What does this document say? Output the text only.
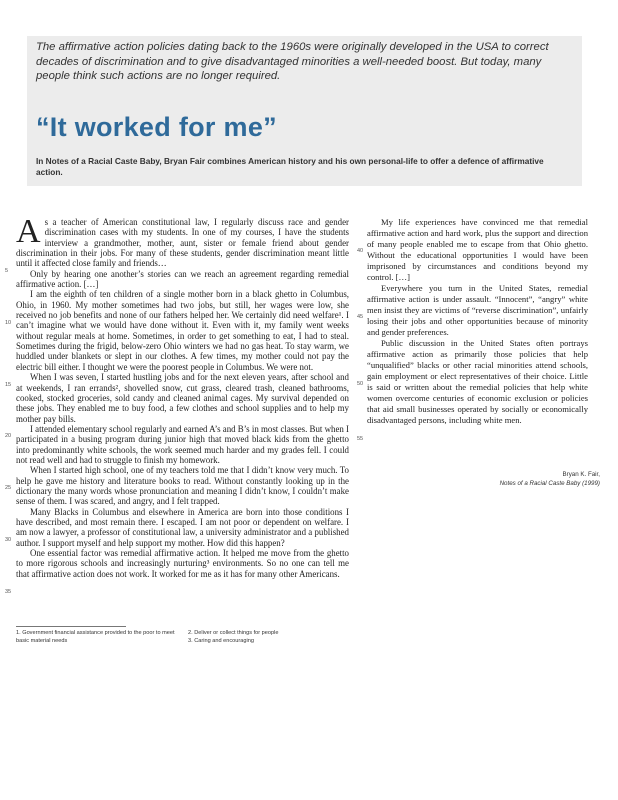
The affirmative action policies dating back to the 1960s were originally developed in the USA to correct decades of discrimination and to give disadvantaged minorities a well-needed boost. But today, many people think such actions are no longer required.

“It worked for me”

In Notes of a Racial Caste Baby, Bryan Fair combines American history and his own personal-life to offer a defence of affirmative action.

5
10
15
20
25
30
35
40
45
50
55

As a teacher of American constitutional law, I regularly discuss race and gender discrimination cases with my students. In one of my courses, I have the students interview a grandmother, mother, aunt, sister or female friend about gender discrimination in their jobs. For many of these students, gender discrimination meant little until it affected close family and friends…

Only by hearing one another’s stories can we reach an agreement regarding remedial affirmative action. […]

I am the eighth of ten children of a single mother born in a black ghetto in Columbus, Ohio, in 1960. My mother sometimes had two jobs, but still, her wages were low, she received no job benefits and none of our fathers helped her. We certainly did need welfare¹. I can’t imagine what we would have done without it. Even with it, my family went weeks without regular meals at home. Sometimes, in order to get something to eat, I had to steal. Sometimes during the frigid, below-zero Ohio winters we had no gas heat. To stay warm, we huddled under blankets or slept in our clothes. A few times, my mother could not pay the electric bill either. I thought we were the poorest people in Columbus. We were not.

When I was seven, I started hustling jobs and for the next eleven years, after school and at weekends, I ran errands², shovelled snow, cut grass, cleared trash, cleaned bathrooms, cooked, stocked groceries, sold candy and cleaned animal cages. My survival depended on these jobs. They enabled me to buy food, a few clothes and school supplies and to help my mother pay bills.

I attended elementary school regularly and earned A’s and B’s in most classes. But when I participated in a busing program during junior high that moved black kids from the ghetto into predominantly white schools, the work seemed much harder and my grades fell. I could not read well and had to struggle to finish my homework.

When I started high school, one of my teachers told me that I didn’t know very much. To help he gave me history and literature books to read. Without constantly looking up in the dictionary the many words whose pronunciation and meaning I didn’t know, I couldn’t make sense of them. I was scared, and angry, and I felt trapped.

Many Blacks in Columbus and elsewhere in America are born into those conditions I have described, and most remain there. I escaped. I am not poor or dependent on welfare. I am now a lawyer, a professor of constitutional law, a university administrator and a published author. I support myself and help support my mother. How did this happen?

One essential factor was remedial affirmative action. It helped me move from the ghetto to more rigorous schools and increasingly nurturing³ environments. So no one can tell me that affirmative action does not work. It worked for me as it has for many other Americans.

My life experiences have convinced me that remedial affirmative action and hard work, plus the support and direction of many people enabled me to escape from that Ohio ghetto. Without the educational opportunities I would have been imprisoned by circumstances and conditions beyond my control. […]

Everywhere you turn in the United States, remedial affirmative action is under assault. “Innocent”, “angry” white men insist they are victims of “reverse discrimination”, unfairly losing their jobs and other opportunities because of minority and gender preferences.

Public discussion in the United States often portrays affirmative action as primarily those policies that help “unqualified” blacks or other racial minorities attend schools, gain employment or elect representatives of their choice. Little is said or written about the remedial policies that help white women overcome centuries of economic exclusion or policies that aid small businesses operated by socially or economically disadvantaged persons, including white men.

Bryan K. Fair,
Notes of a Racial Caste Baby (1999)
1. Government financial assistance provided to the poor to meet basic material needs
2. Deliver or collect things for people
3. Caring and encouraging
